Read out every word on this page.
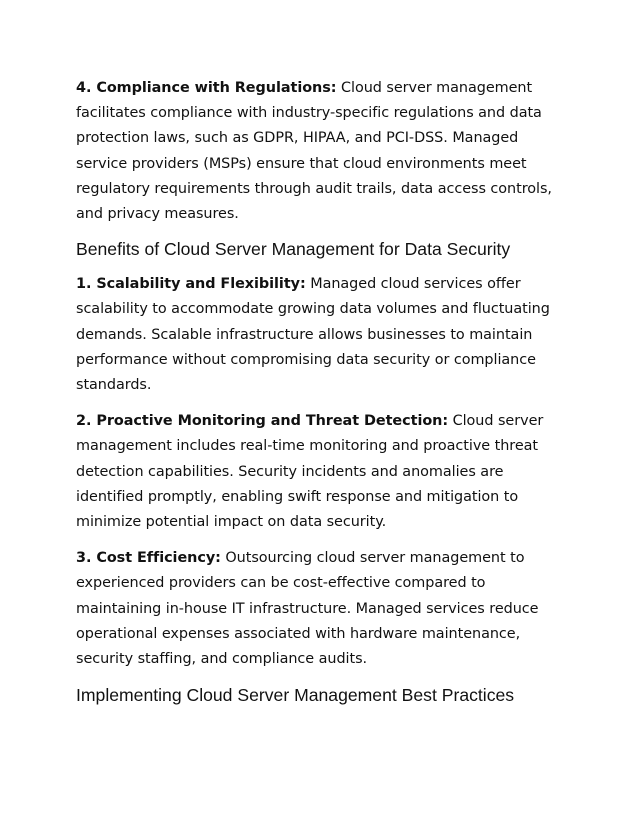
4. Compliance with Regulations: Cloud server management facilitates compliance with industry-specific regulations and data protection laws, such as GDPR, HIPAA, and PCI-DSS. Managed service providers (MSPs) ensure that cloud environments meet regulatory requirements through audit trails, data access controls, and privacy measures.

Benefits of Cloud Server Management for Data Security

1. Scalability and Flexibility: Managed cloud services offer scalability to accommodate growing data volumes and fluctuating demands. Scalable infrastructure allows businesses to maintain performance without compromising data security or compliance standards.

2. Proactive Monitoring and Threat Detection: Cloud server management includes real-time monitoring and proactive threat detection capabilities. Security incidents and anomalies are identified promptly, enabling swift response and mitigation to minimize potential impact on data security.

3. Cost Efficiency: Outsourcing cloud server management to experienced providers can be cost-effective compared to maintaining in-house IT infrastructure. Managed services reduce operational expenses associated with hardware maintenance, security staffing, and compliance audits.

Implementing Cloud Server Management Best Practices
